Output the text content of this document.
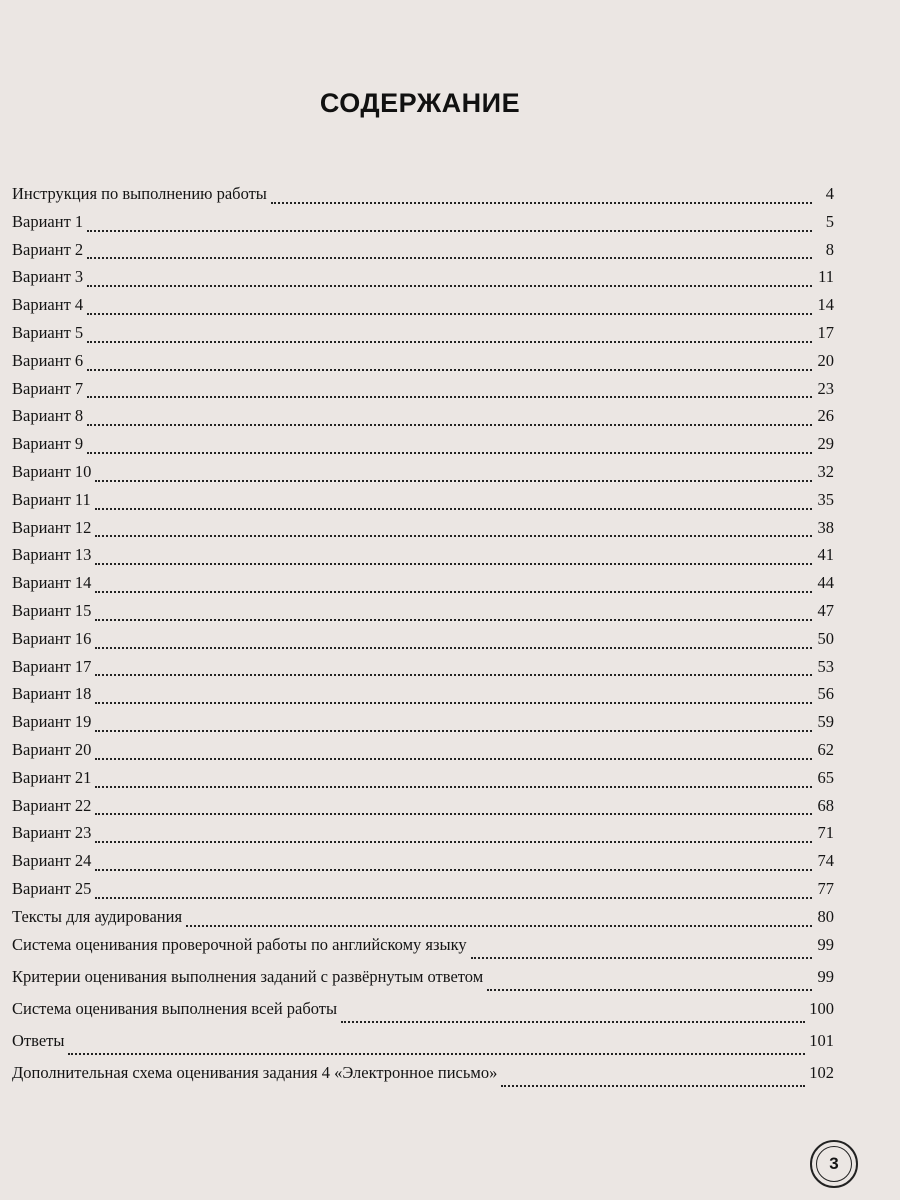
СОДЕРЖАНИЕ
Инструкция по выполнению работы	4
Вариант 1	5
Вариант 2	8
Вариант 3	11
Вариант 4	14
Вариант 5	17
Вариант 6	20
Вариант 7	23
Вариант 8	26
Вариант 9	29
Вариант 10	32
Вариант 11	35
Вариант 12	38
Вариант 13	41
Вариант 14	44
Вариант 15	47
Вариант 16	50
Вариант 17	53
Вариант 18	56
Вариант 19	59
Вариант 20	62
Вариант 21	65
Вариант 22	68
Вариант 23	71
Вариант 24	74
Вариант 25	77
Тексты для аудирования	80
Система оценивания проверочной работы по английскому языку	99
Критерии оценивания выполнения заданий с развёрнутым ответом	99
Система оценивания выполнения всей работы	100
Ответы	101
Дополнительная схема оценивания задания 4 «Электронное письмо»	102
3
